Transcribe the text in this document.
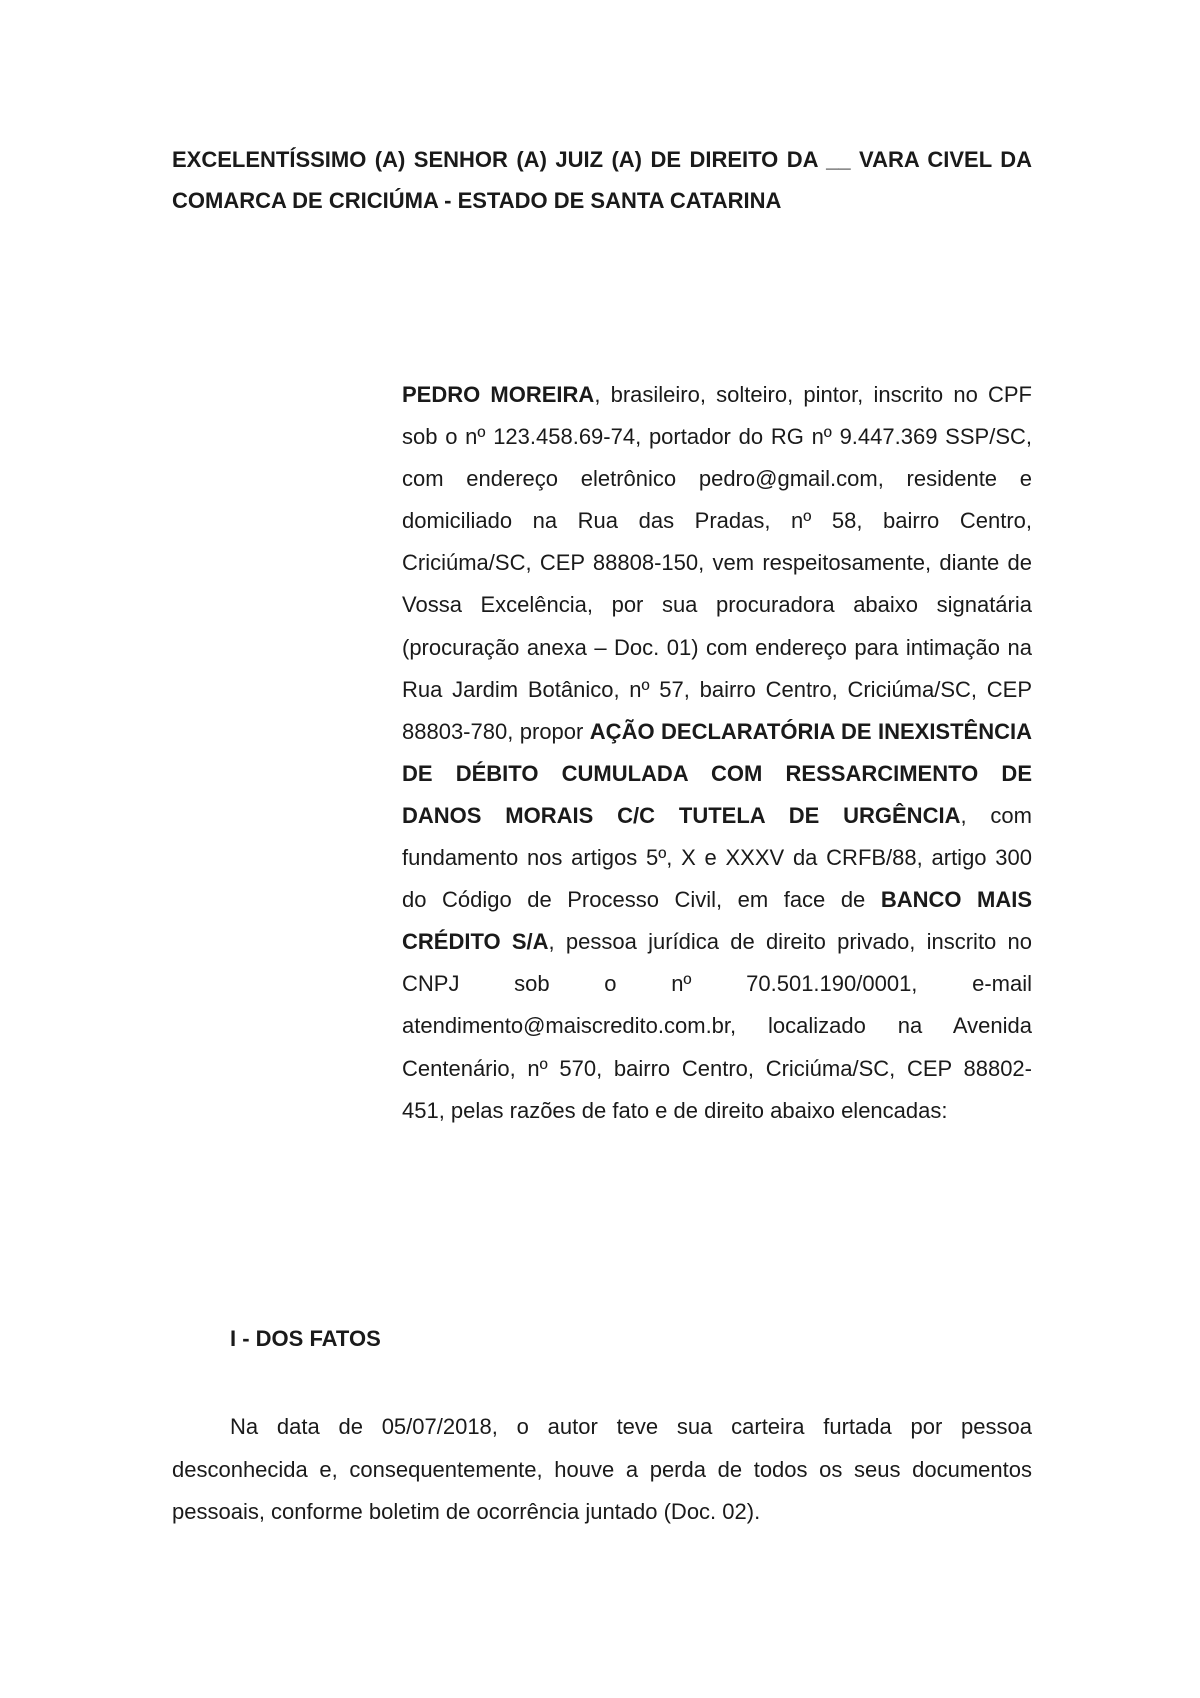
EXCELENTÍSSIMO (A) SENHOR (A) JUIZ (A) DE DIREITO DA __ VARA CIVEL DA COMARCA DE CRICIÚMA - ESTADO DE SANTA CATARINA

PEDRO MOREIRA, brasileiro, solteiro, pintor, inscrito no CPF sob o nº 123.458.69-74, portador do RG nº 9.447.369 SSP/SC, com endereço eletrônico pedro@gmail.com, residente e domiciliado na Rua das Pradas, nº 58, bairro Centro, Criciúma/SC, CEP 88808-150, vem respeitosamente, diante de Vossa Excelência, por sua procuradora abaixo signatária (procuração anexa – Doc. 01) com endereço para intimação na Rua Jardim Botânico, nº 57, bairro Centro, Criciúma/SC, CEP 88803-780, propor AÇÃO DECLARATÓRIA DE INEXISTÊNCIA DE DÉBITO CUMULADA COM RESSARCIMENTO DE DANOS MORAIS C/C TUTELA DE URGÊNCIA, com fundamento nos artigos 5º, X e XXXV da CRFB/88, artigo 300 do Código de Processo Civil, em face de BANCO MAIS CRÉDITO S/A, pessoa jurídica de direito privado, inscrito no CNPJ sob o nº 70.501.190/0001, e-mail atendimento@maiscredito.com.br, localizado na Avenida Centenário, nº 570, bairro Centro, Criciúma/SC, CEP 88802-451, pelas razões de fato e de direito abaixo elencadas:

I - DOS FATOS

Na data de 05/07/2018, o autor teve sua carteira furtada por pessoa desconhecida e, consequentemente, houve a perda de todos os seus documentos pessoais, conforme boletim de ocorrência juntado (Doc. 02).
